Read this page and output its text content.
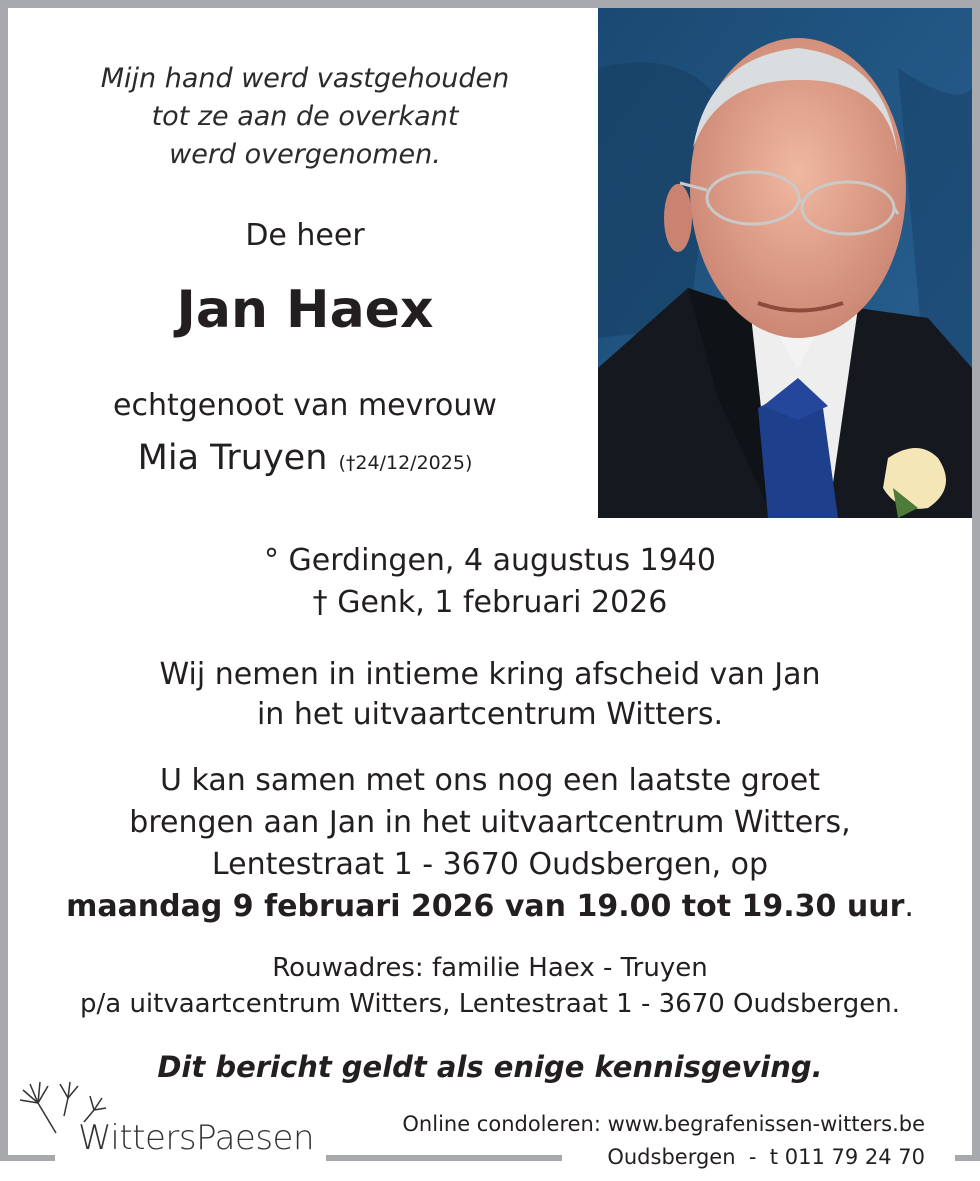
Mijn hand werd vastgehouden
tot ze aan de overkant
werd overgenomen.
De heer
Jan Haex
echtgenoot van mevrouw
Mia Truyen (†24/12/2025)
° Gerdingen, 4 augustus 1940
† Genk, 1 februari 2026
Wij nemen in intieme kring afscheid van Jan
in het uitvaartcentrum Witters.
U kan samen met ons nog een laatste groet
brengen aan Jan in het uitvaartcentrum Witters,
Lentestraat 1 - 3670 Oudsbergen, op
maandag 9 februari 2026 van 19.00 tot 19.30 uur.
Rouwadres: familie Haex - Truyen
p/a uitvaartcentrum Witters, Lentestraat 1 - 3670 Oudsbergen.
Dit bericht geldt als enige kennisgeving.
WittersPaesen	Online condoleren: www.begrafenissen-witters.be
Oudsbergen  -  t 011 79 24 70
